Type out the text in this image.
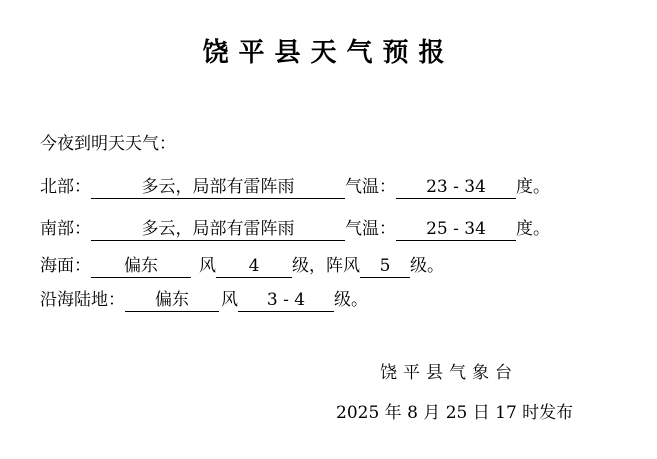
饶平县天气预报
今夜到明天天气：
北部：	多云，局部有雷阵雨	气温： 23 - 34 度。
南部：	多云，局部有雷阵雨	气温： 25 - 34 度。
海面： 偏东 风 4 级，阵风 5 级。
沿海陆地： 偏东 风 3 - 4 级。
饶平县气象台
2025 年 8 月 25 日 17 时发布
